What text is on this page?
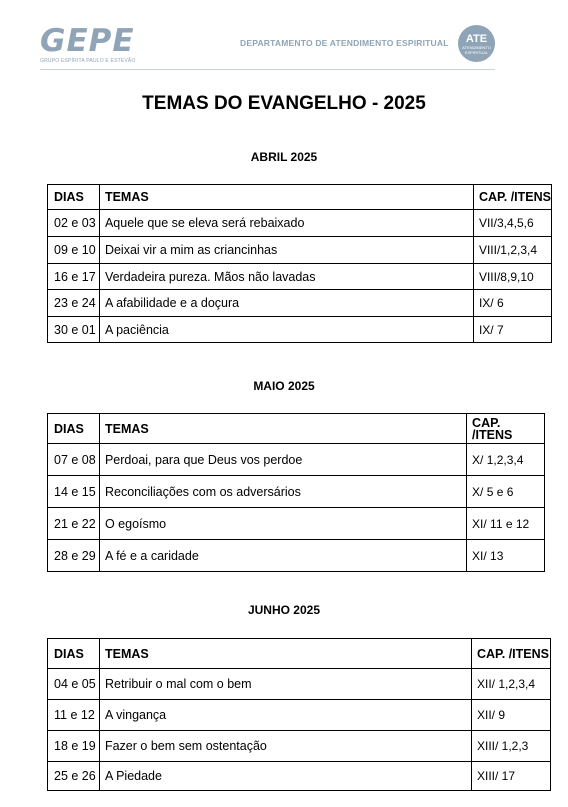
GEPE
GRUPO ESPÍRITA PAULO E ESTEVÃO
DEPARTAMENTO DE ATENDIMENTO ESPIRITUAL	ATE
ATENDIMENTO ESPIRITUAL
TEMAS DO EVANGELHO - 2025
ABRIL 2025
DIAS	TEMAS	CAP. /ITENS
02 e 03	Aquele que se eleva será rebaixado	VII/3,4,5,6
09 e 10	Deixai vir a mim as criancinhas	VIII/1,2,3,4
16 e 17	Verdadeira pureza. Mãos não lavadas	VIII/8,9,10
23 e 24	A afabilidade e a doçura	IX/ 6
30 e 01	A paciência	IX/ 7
MAIO 2025
DIAS	TEMAS	CAP. /ITENS
07 e 08	Perdoai, para que Deus vos perdoe	X/ 1,2,3,4
14 e 15	Reconciliações com os adversários	X/ 5 e 6
21 e 22	O egoísmo	XI/ 11 e 12
28 e 29	A fé e a caridade	XI/ 13
JUNHO 2025
DIAS	TEMAS	CAP. /ITENS
04 e 05	Retribuir o mal com o bem	XII/ 1,2,3,4
11 e 12	A vingança	XII/ 9
18 e 19	Fazer o bem sem ostentação	XIII/ 1,2,3
25 e 26	A Piedade	XIII/ 17
